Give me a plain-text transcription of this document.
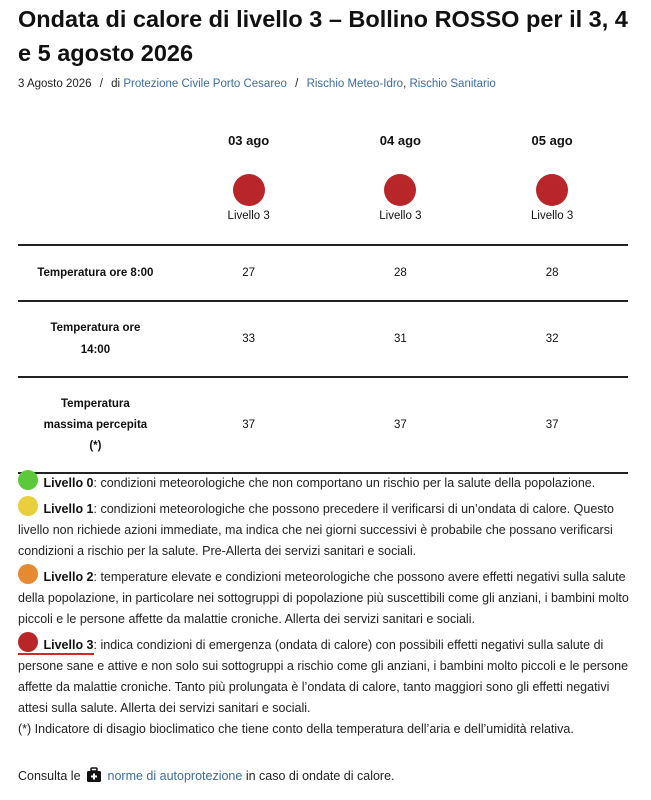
Ondata di calore di livello 3 – Bollino ROSSO per il 3, 4 e 5 agosto 2026
3 Agosto 2026 / di Protezione Civile Porto Cesareo / Rischio Meteo-Idro, Rischio Sanitario
	03 ago	04 ago	05 ago

	Livello 3	Livello 3	Livello 3

Temperatura ore 8:00	27	28	28
Temperatura ore
14:00	33	31	32
Temperatura
massima percepita
(*)	37	37	37

Livello 0: condizioni meteorologiche che non comportano un rischio per la salute della popolazione.

Livello 1: condizioni meteorologiche che possono precedere il verificarsi di un’ondata di calore. Questo livello non richiede azioni immediate, ma indica che nei giorni successivi è probabile che possano verificarsi condizioni a rischio per la salute. Pre-Allerta dei servizi sanitari e sociali.

Livello 2: temperature elevate e condizioni meteorologiche che possono avere effetti negativi sulla salute della popolazione, in particolare nei sottogruppi di popolazione più suscettibili come gli anziani, i bambini molto piccoli e le persone affette da malattie croniche. Allerta dei servizi sanitari e sociali.

Livello 3: indica condizioni di emergenza (ondata di calore) con possibili effetti negativi sulla salute di persone sane e attive e non solo sui sottogruppi a rischio come gli anziani, i bambini molto piccoli e le persone affette da malattie croniche. Tanto più prolungata è l’ondata di calore, tanto maggiori sono gli effetti negativi attesi sulla salute. Allerta dei servizi sanitari e sociali.

(*) Indicatore di disagio bioclimatico che tiene conto della temperatura dell’aria e dell’umidità relativa.

Consulta le norme di autoprotezione in caso di ondate di calore.
